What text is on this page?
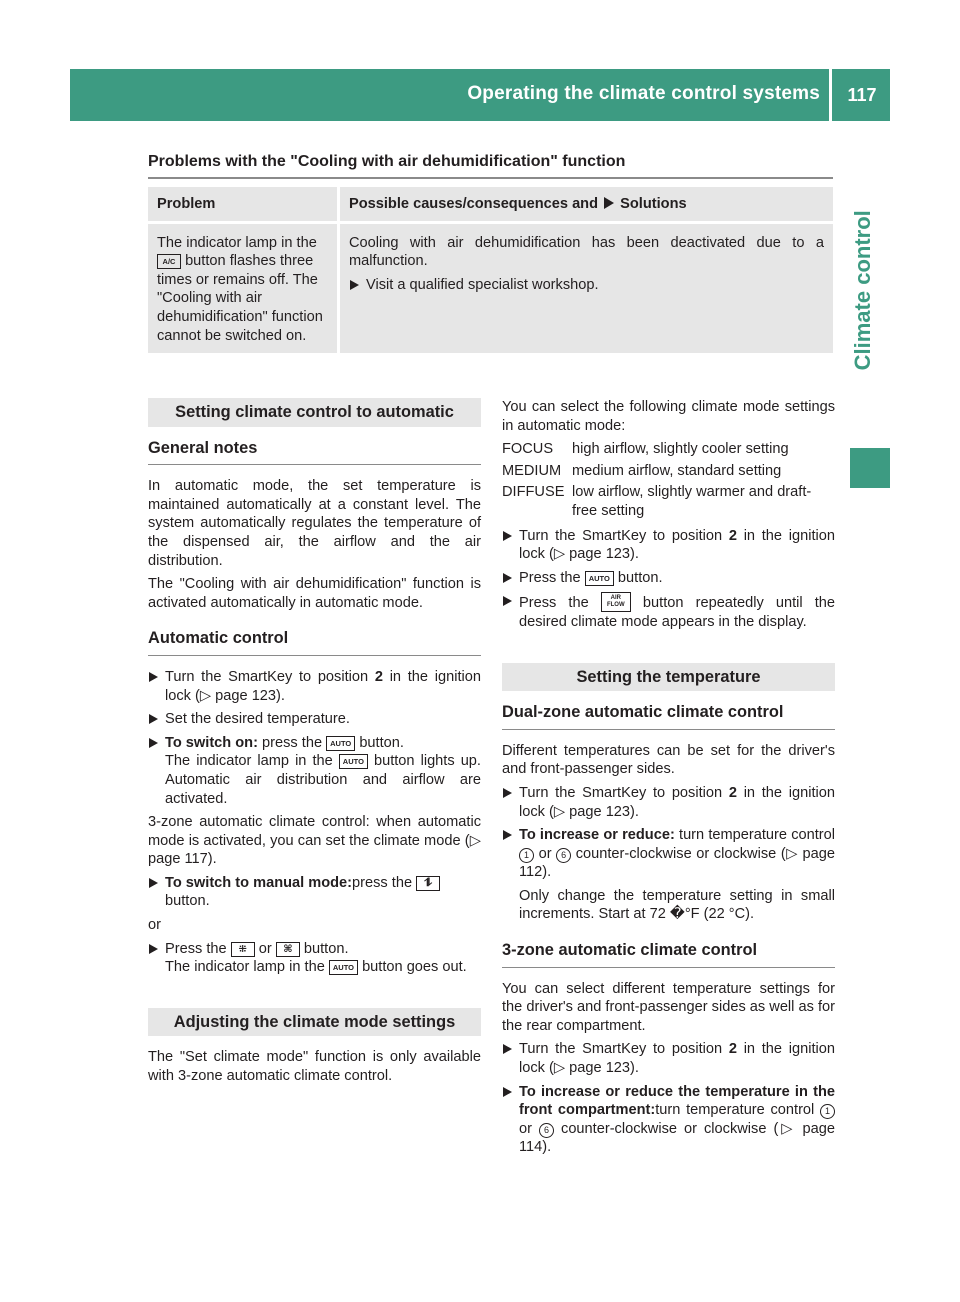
Operating the climate control systems	117
Climate control
Problems with the "Cooling with air dehumidification" function
Problem	Possible causes/consequences and Solutions
The indicator lamp in the A/C button flashes three times or remains off. The "Cooling with air dehumidification" function cannot be switched on.	Cooling with air dehumidification has been deactivated due to a malfunction.

Visit a qualified specialist workshop.
Setting climate control to automatic
General notes

In automatic mode, the set temperature is maintained automatically at a constant level. The system automatically regulates the temperature of the dispensed air, the airflow and the air distribution.

The "Cooling with air dehumidification" function is activated automatically in automatic mode.

Automatic control
Turn the SmartKey to position 2 in the ignition lock (▷ page 123).
Set the desired temperature.
To switch on: press the AUTO button.
The indicator lamp in the AUTO button lights up. Automatic air distribution and airflow are activated.

3-zone automatic climate control: when automatic mode is activated, you can set the climate mode (▷ page 117).

To switch to manual mode:press the ⥮
button.

or

Press the ⁜ or ⌘ button.
The indicator lamp in the AUTO button goes out.
Adjusting the climate mode settings

The "Set climate mode" function is only available with 3-zone automatic climate control.

You can select the following climate mode settings in automatic mode:

FOCUS	high airflow, slightly cooler setting
MEDIUM medium airflow, standard setting
DIFFUSE low airflow, slightly warmer and draft-free setting
Turn the SmartKey to position 2 in the ignition lock (▷ page 123).
Press the AUTO button.
Press the	AIR FLOW button repeatedly until the desired climate mode appears in the display.
Setting the temperature
Dual-zone automatic climate control

Different temperatures can be set for the driver's and front-passenger sides.

Turn the SmartKey to position 2 in the ignition lock (▷ page 123).
To increase or reduce: turn temperature control 1 or 6 counter-clockwise or clockwise (▷ page 112).
Only change the temperature setting in small increments. Start at 72 �°F (22 °C).
3-zone automatic climate control

You can select different temperature settings for the driver's and front-passenger sides as well as for the rear compartment.

Turn the SmartKey to position 2 in the ignition lock (▷ page 123).
To increase or reduce the temperature in the front compartment:turn temperature control 1 or 6 counter-clockwise or clockwise (▷ page 114).
